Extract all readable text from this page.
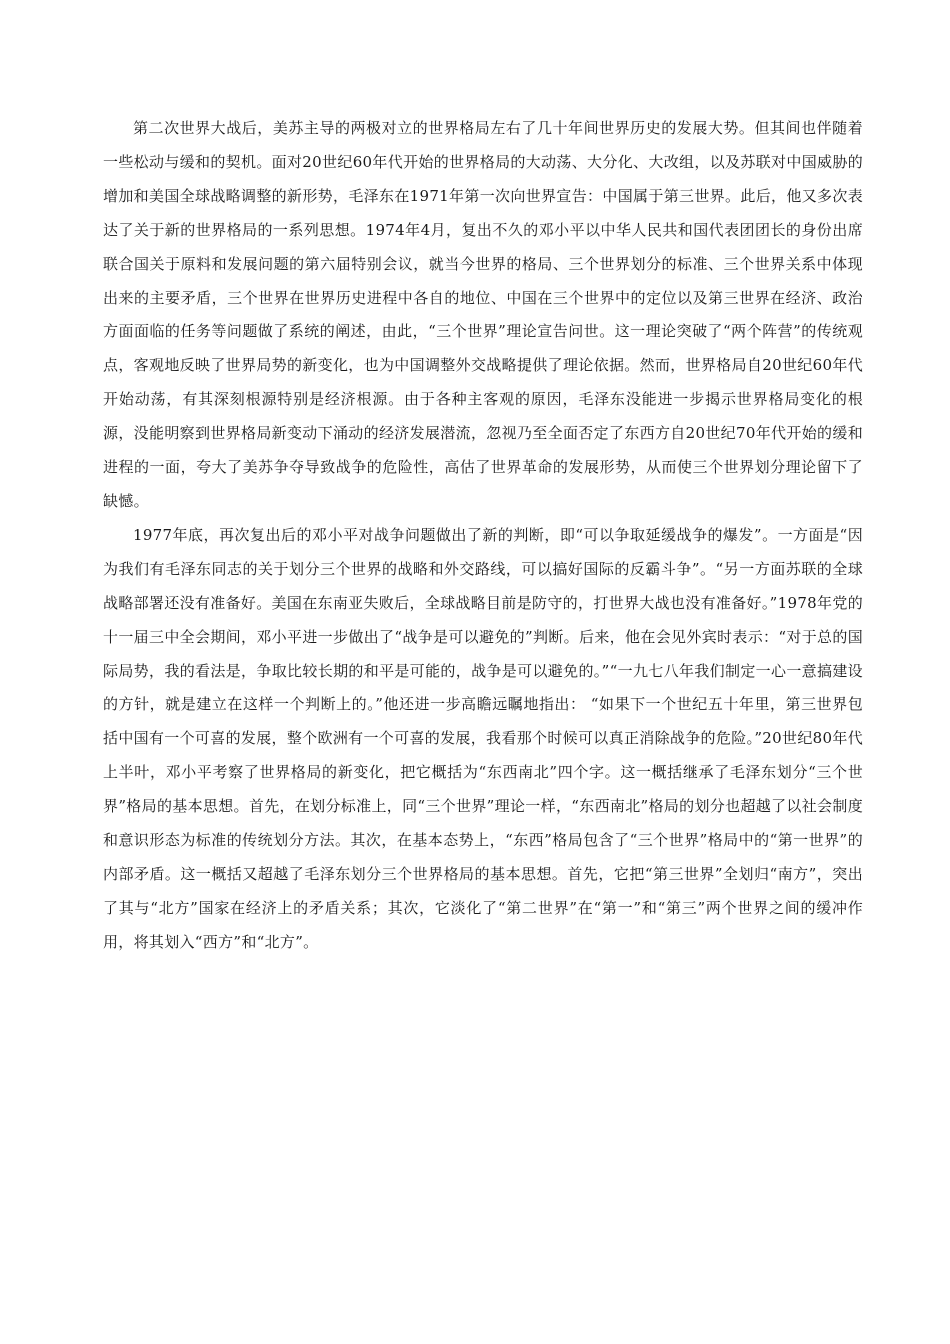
第二次世界大战后，美苏主导的两极对立的世界格局左右了几十年间世界历史的发展大势。但其间也伴随着一些松动与缓和的契机。面对20世纪60年代开始的世界格局的大动荡、大分化、大改组，以及苏联对中国威胁的增加和美国全球战略调整的新形势，毛泽东在1971年第一次向世界宣告：中国属于第三世界。此后，他又多次表达了关于新的世界格局的一系列思想。1974年4月，复出不久的邓小平以中华人民共和国代表团团长的身份出席联合国关于原料和发展问题的第六届特别会议，就当今世界的格局、三个世界划分的标准、三个世界关系中体现出来的主要矛盾，三个世界在世界历史进程中各自的地位、中国在三个世界中的定位以及第三世界在经济、政治方面面临的任务等问题做了系统的阐述，由此，“三个世界”理论宣告问世。这一理论突破了“两个阵营”的传统观点，客观地反映了世界局势的新变化，也为中国调整外交战略提供了理论依据。然而，世界格局自20世纪60年代开始动荡，有其深刻根源特别是经济根源。由于各种主客观的原因，毛泽东没能进一步揭示世界格局变化的根源，没能明察到世界格局新变动下涌动的经济发展潜流，忽视乃至全面否定了东西方自20世纪70年代开始的缓和进程的一面，夸大了美苏争夺导致战争的危险性，高估了世界革命的发展形势，从而使三个世界划分理论留下了缺憾。

1977年底，再次复出后的邓小平对战争问题做出了新的判断，即“可以争取延缓战争的爆发”。一方面是“因为我们有毛泽东同志的关于划分三个世界的战略和外交路线，可以搞好国际的反霸斗争”。“另一方面苏联的全球战略部署还没有准备好。美国在东南亚失败后，全球战略目前是防守的，打世界大战也没有准备好。”1978年党的十一届三中全会期间，邓小平进一步做出了“战争是可以避免的”判断。后来，他在会见外宾时表示：“对于总的国际局势，我的看法是，争取比较长期的和平是可能的，战争是可以避免的。”“一九七八年我们制定一心一意搞建设的方针，就是建立在这样一个判断上的。”他还进一步高瞻远瞩地指出： “如果下一个世纪五十年里，第三世界包括中国有一个可喜的发展，整个欧洲有一个可喜的发展，我看那个时候可以真正消除战争的危险。”20世纪80年代上半叶，邓小平考察了世界格局的新变化，把它概括为“东西南北”四个字。这一概括继承了毛泽东划分“三个世界”格局的基本思想。首先，在划分标准上，同“三个世界”理论一样，“东西南北”格局的划分也超越了以社会制度和意识形态为标准的传统划分方法。其次，在基本态势上，“东西”格局包含了“三个世界”格局中的“第一世界”的内部矛盾。这一概括又超越了毛泽东划分三个世界格局的基本思想。首先，它把“第三世界”全划归“南方”，突出了其与“北方”国家在经济上的矛盾关系；其次，它淡化了“第二世界”在“第一”和“第三”两个世界之间的缓冲作用，将其划入“西方”和“北方”。
